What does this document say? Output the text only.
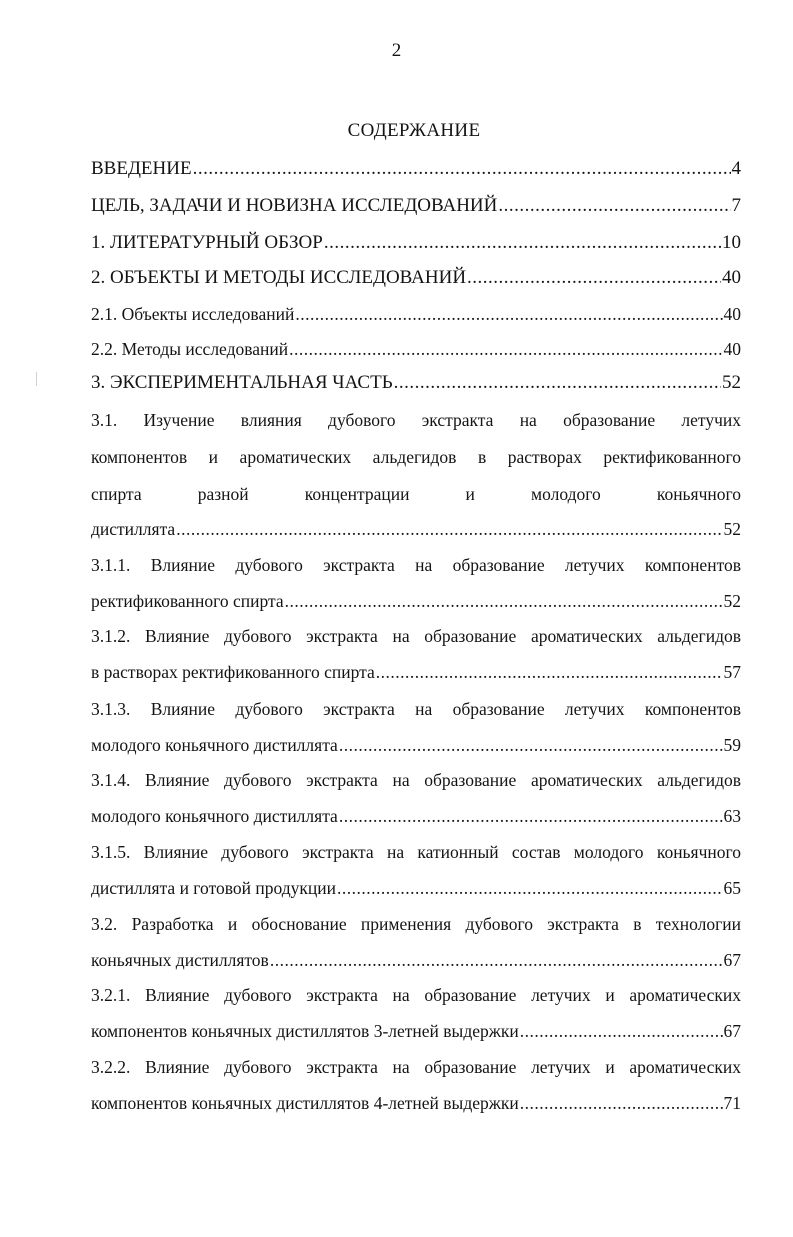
2
СОДЕРЖАНИЕ
ВВЕДЕНИЕ .....	4
ЦЕЛЬ, ЗАДАЧИ И НОВИЗНА ИССЛЕДОВАНИЙ .....	7
1. ЛИТЕРАТУРНЫЙ ОБЗОР .....	10
2. ОБЪЕКТЫ И МЕТОДЫ ИССЛЕДОВАНИЙ .....	40
2.1. Объекты исследований .....	40
2.2. Методы исследований .....	40
3. ЭКСПЕРИМЕНТАЛЬНАЯ ЧАСТЬ .....	52
3.1. Изучение влияния дубового экстракта на образование летучих
компонентов и ароматических альдегидов в растворах ректификованного
спирта разной концентрации и молодого коньячного
дистиллята .....	52
3.1.1. Влияние дубового экстракта на образование летучих компонентов
ректификованного спирта .....	52
3.1.2. Влияние дубового экстракта на образование ароматических альдегидов
в растворах ректификованного спирта .....	57
3.1.3. Влияние дубового экстракта на образование летучих компонентов
молодого коньячного дистиллята .....	59
3.1.4. Влияние дубового экстракта на образование ароматических альдегидов
молодого коньячного дистиллята .....	63
3.1.5. Влияние дубового экстракта на катионный состав молодого коньячного
дистиллята и готовой продукции .....	65
3.2. Разработка и обоснование применения дубового экстракта в технологии
коньячных дистиллятов .....	67
3.2.1. Влияние дубового экстракта на образование летучих и ароматических
компонентов коньячных дистиллятов 3-летней выдержки .....	67
3.2.2. Влияние дубового экстракта на образование летучих и ароматических
компонентов коньячных дистиллятов 4-летней выдержки .....	71
